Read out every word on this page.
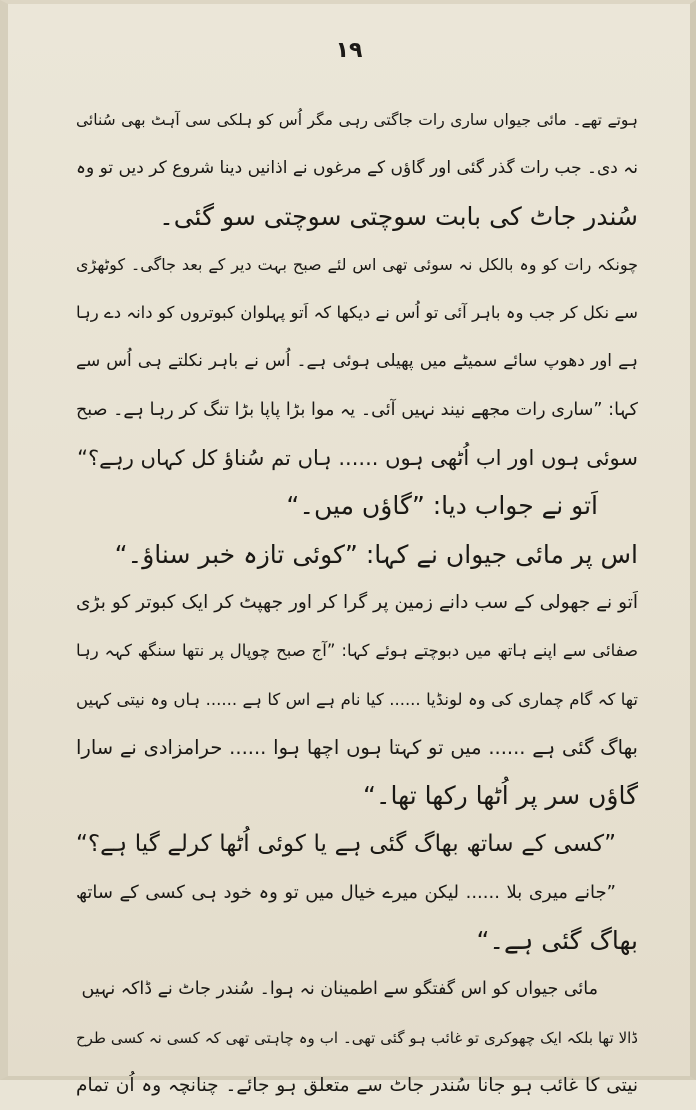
۱۹
ہوتے تھے۔ مائی جیواں ساری رات جاگتی رہی مگر اُس کو ہلکی سی آہٹ بھی سُنائی
نہ دی۔ جب رات گذر گئی اور گاؤں کے مرغوں نے اذانیں دینا شروع کر دیں تو وہ
سُندر جاٹ کی بابت سوچتی سوچتی سو گئی۔
چونکہ رات کو وہ بالکل نہ سوئی تھی اس لئے صبح بہت دیر کے بعد جاگی۔ کوٹھڑی
سے نکل کر جب وہ باہر آئی تو اُس نے دیکھا کہ اَتو پہلوان کبوتروں کو دانہ دے رہا
ہے اور دھوپ سائے سمیٹے میں پھیلی ہوئی ہے۔ اُس نے باہر نکلتے ہی اُس سے
کہا: ”ساری رات مجھے نیند نہیں آئی۔ یہ موا بڑا پاپا بڑا تنگ کر رہا ہے۔ صبح
سوئی ہوں اور اب اُٹھی ہوں ...... ہاں تم سُناؤ کل کہاں رہے؟“
اَتو نے جواب دیا: ”گاؤں میں۔“
اس پر مائی جیواں نے کہا: ”کوئی تازہ خبر سناؤ۔“
اَتو نے جھولی کے سب دانے زمین پر گرا کر اور جھپٹ کر ایک کبوتر کو بڑی
صفائی سے اپنے ہاتھ میں دبوچتے ہوئے کہا: ”آج صبح چوپال پر نتھا سنگھ کہہ رہا
تھا کہ گام چماری کی وہ لونڈیا ...... کیا نام ہے اس کا ہے ...... ہاں وہ نیتی کہیں
بھاگ گئی ہے ...... میں تو کہتا ہوں اچھا ہوا ...... حرامزادی نے سارا
گاؤں سر پر اُٹھا رکھا تھا۔“
”کسی کے ساتھ بھاگ گئی ہے یا کوئی اُٹھا کرلے گیا ہے؟“
”جانے میری بلا ...... لیکن میرے خیال میں تو وہ خود ہی کسی کے ساتھ
بھاگ گئی ہے۔“
مائی جیواں کو اس گفتگو سے اطمینان نہ ہوا۔ سُندر جاٹ نے ڈاکہ نہیں
ڈالا تھا بلکہ ایک چھوکری تو غائب ہو گئی تھی۔ اب وہ چاہتی تھی کہ کسی نہ کسی طرح
نیتی کا غائب ہو جانا سُندر جاٹ سے متعلق ہو جائے۔ چنانچہ وہ اُن تمام
